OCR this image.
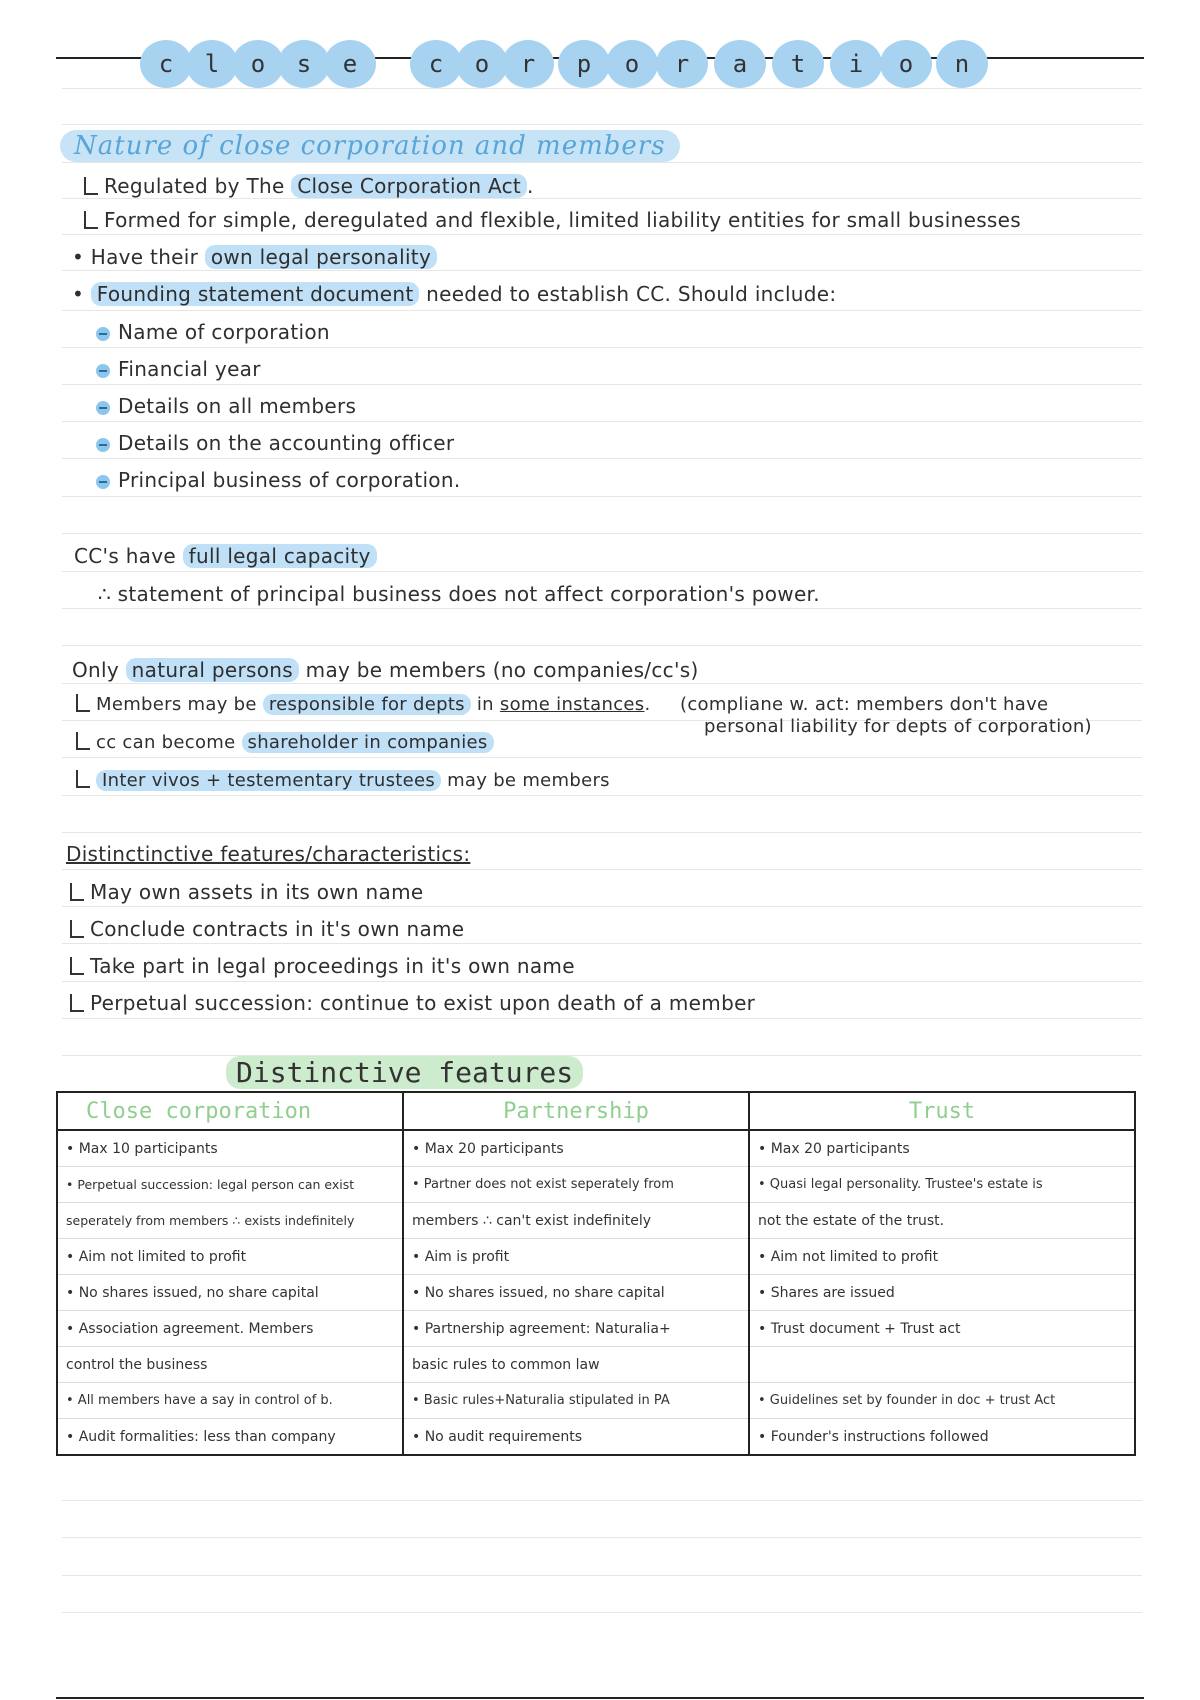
c	l	o	s	e	c	o	r	p	o	r	a	t	i	o	n
Nature of close corporation and members
Regulated by The Close Corporation Act .
Formed for simple, deregulated and flexible, limited liability entities for small businesses
• Have their own legal personality
• Founding statement document needed to establish CC. Should include:
Name of corporation
Financial year
Details on all members
Details on the accounting officer
Principal business of corporation.
CC's have full legal capacity
∴ statement of principal business does not affect corporation's power.
Only natural persons may be members (no companies/cc's)
Members may be responsible for depts in some instances. (compliane w. act: members don't have
personal liability for depts of corporation)
cc can become shareholder in companies
Inter vivos + testementary trustees may be members
Distinctinctive features/characteristics:
May own assets in its own name
Conclude contracts in it's own name
Take part in legal proceedings in it's own name
Perpetual succession: continue to exist upon death of a member
Distinctive features
Close corporation	Partnership	Trust
• Max 10 participants	• Max 20 participants	• Max 20 participants
• Perpetual succession: legal person can exist	• Partner does not exist seperately from	• Quasi legal personality. Trustee's estate is
seperately from members ∴ exists indefinitely	members ∴ can't exist indefinitely	not the estate of the trust.
• Aim not limited to profit	• Aim is profit	• Aim not limited to profit
• No shares issued, no share capital	• No shares issued, no share capital	• Shares are issued
• Association agreement. Members	• Partnership agreement: Naturalia+	• Trust document + Trust act
control the business	basic rules to common law	
• All members have a say in control of b.	• Basic rules+Naturalia stipulated in PA	• Guidelines set by founder in doc + trust Act
• Audit formalities: less than company	• No audit requirements	• Founder's instructions followed
